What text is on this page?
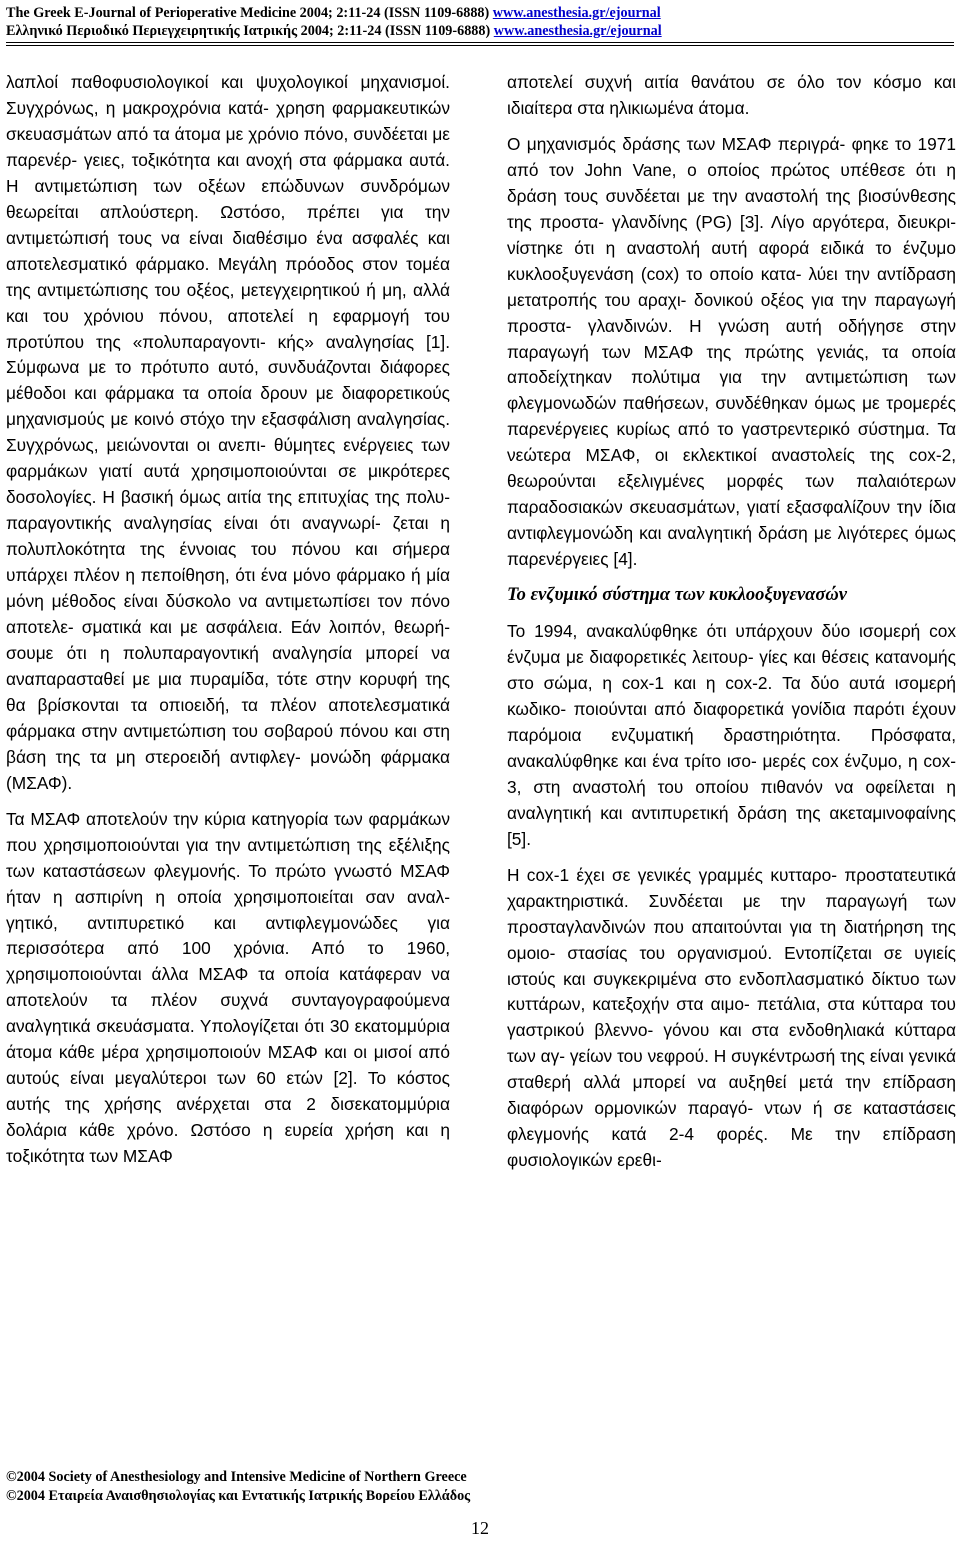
The Greek E-Journal of Perioperative Medicine 2004; 2:11-24 (ISSN 1109-6888) www.anesthesia.gr/ejournal
Ελληνικό Περιοδικό Περιεγχειρητικής Ιατρικής 2004; 2:11-24 (ISSN 1109-6888) www.anesthesia.gr/ejournal

λαπλοί παθοφυσιολογικοί και ψυχολογικοί μηχανισμοί. Συγχρόνως, η μακροχρόνια κατά- χρηση φαρμακευτικών σκευασμάτων από τα άτομα με χρόνιο πόνο, συνδέεται με παρενέρ- γειες, τοξικότητα και ανοχή στα φάρμακα αυτά. Η αντιμετώπιση των οξέων επώδυνων συνδρόμων θεωρείται απλούστερη. Ωστόσο, πρέπει για την αντιμετώπισή τους να είναι διαθέσιμο ένα ασφαλές και αποτελεσματικό φάρμακο. Μεγάλη πρόοδος στον τομέα της αντιμετώπισης του οξέος, μετεγχειρητικού ή μη, αλλά και του χρόνιου πόνου, αποτελεί η εφαρμογή του προτύπου της «πολυπαραγοντι- κής» αναλγησίας [1]. Σύμφωνα με το πρότυπο αυτό, συνδυάζονται διάφορες μέθοδοι και φάρμακα τα οποία δρουν με διαφορετικούς μηχανισμούς με κοινό στόχο την εξασφάλιση αναλγησίας. Συγχρόνως, μειώνονται οι ανεπι- θύμητες ενέργειες των φαρμάκων γιατί αυτά χρησιμοποιούνται σε μικρότερες δοσολογίες. Η βασική όμως αιτία της επιτυχίας της πολυ- παραγοντικής αναλγησίας είναι ότι αναγνωρί- ζεται η πολυπλοκότητα της έννοιας του πόνου και σήμερα υπάρχει πλέον η πεποίθηση, ότι ένα μόνο φάρμακο ή μία μόνη μέθοδος είναι δύσκολο να αντιμετωπίσει τον πόνο αποτελε- σματικά και με ασφάλεια. Εάν λοιπόν, θεωρή- σουμε ότι η πολυπαραγοντική αναλγησία μπορεί να αναπαρασταθεί με μια πυραμίδα, τότε στην κορυφή της θα βρίσκονται τα οπιοειδή, τα πλέον αποτελεσματικά φάρμακα στην αντιμετώπιση του σοβαρού πόνου και στη βάση της τα μη στεροειδή αντιφλεγ- μονώδη φάρμακα (ΜΣΑΦ).

Τα ΜΣΑΦ αποτελούν την κύρια κατηγορία των φαρμάκων που χρησιμοποιούνται για την αντιμετώπιση της εξέλιξης των καταστάσεων φλεγμονής. Το πρώτο γνωστό ΜΣΑΦ ήταν η ασπιρίνη η οποία χρησιμοποιείται σαν αναλ- γητικό, αντιπυρετικό και αντιφλεγμονώδες για περισσότερα από 100 χρόνια. Από το 1960, χρησιμοποιούνται άλλα ΜΣΑΦ τα οποία κατάφεραν να αποτελούν τα πλέον συχνά συνταγογραφούμενα αναλγητικά σκευάσματα. Υπολογίζεται ότι 30 εκατομμύρια άτομα κάθε μέρα χρησιμοποιούν ΜΣΑΦ και οι μισοί από αυτούς είναι μεγαλύτεροι των 60 ετών [2]. Το κόστος αυτής της χρήσης ανέρχεται στα 2 δισεκατομμύρια δολάρια κάθε χρόνο. Ωστόσο η ευρεία χρήση και η τοξικότητα των ΜΣΑΦ

αποτελεί συχνή αιτία θανάτου σε όλο τον κόσμο και ιδιαίτερα στα ηλικιωμένα άτομα.

Ο μηχανισμός δράσης των ΜΣΑΦ περιγρά- φηκε το 1971 από τον John Vane, ο οποίος πρώτος υπέθεσε ότι η δράση τους συνδέεται με την αναστολή της βιοσύνθεσης της προστα- γλανδίνης (PG) [3]. Λίγο αργότερα, διευκρι- νίστηκε ότι η αναστολή αυτή αφορά ειδικά το ένζυμο κυκλοοξυγενάση (cox) το οποίο κατα- λύει την αντίδραση μετατροπής του αραχι- δονικού οξέος για την παραγωγή προστα- γλανδινών. Η γνώση αυτή οδήγησε στην παραγωγή των ΜΣΑΦ της πρώτης γενιάς, τα οποία αποδείχτηκαν πολύτιμα για την αντιμετώπιση των φλεγμονωδών παθήσεων, συνδέθηκαν όμως με τρομερές παρενέργειες κυρίως από το γαστρεντερικό σύστημα. Τα νεώτερα ΜΣΑΦ, οι εκλεκτικοί αναστολείς της cox-2, θεωρούνται εξελιγμένες μορφές των παλαιότερων παραδοσιακών σκευασμάτων, γιατί εξασφαλίζουν την ίδια αντιφλεγμονώδη και αναλγητική δράση με λιγότερες όμως παρενέργειες [4].

Το ενζυμικό σύστημα των κυκλοοξυγενασών

Το 1994, ανακαλύφθηκε ότι υπάρχουν δύο ισομερή cox ένζυμα με διαφορετικές λειτουρ- γίες και θέσεις κατανομής στο σώμα, η cox-1 και η cox-2. Τα δύο αυτά ισομερή κωδικο- ποιούνται από διαφορετικά γονίδια παρότι έχουν παρόμοια ενζυματική δραστηριότητα. Πρόσφατα, ανακαλύφθηκε και ένα τρίτο ισο- μερές cox ένζυμο, η cox-3, στη αναστολή του οποίου πιθανόν να οφείλεται η αναλγητική και αντιπυρετική δράση της ακεταμινοφαίνης [5].

Η cox-1 έχει σε γενικές γραμμές κυτταρο- προστατευτικά χαρακτηριστικά. Συνδέεται με την παραγωγή των προσταγλανδινών που απαιτούνται για τη διατήρηση της ομοιο- στασίας του οργανισμού. Εντοπίζεται σε υγιείς ιστούς και συγκεκριμένα στο ενδοπλασματικό δίκτυο των κυττάρων, κατεξοχήν στα αιμο- πετάλια, στα κύτταρα του γαστρικού βλεννο- γόνου και στα ενδοθηλιακά κύτταρα των αγ- γείων του νεφρού. Η συγκέντρωσή της είναι γενικά σταθερή αλλά μπορεί να αυξηθεί μετά την επίδραση διαφόρων ορμονικών παραγό- ντων ή σε καταστάσεις φλεγμονής κατά 2-4 φορές. Με την επίδραση φυσιολογικών ερεθι-

©2004 Society of Anesthesiology and Intensive Medicine of Northern Greece
©2004 Εταιρεία Αναισθησιολογίας και Εντατικής Ιατρικής Βορείου Ελλάδος
12
